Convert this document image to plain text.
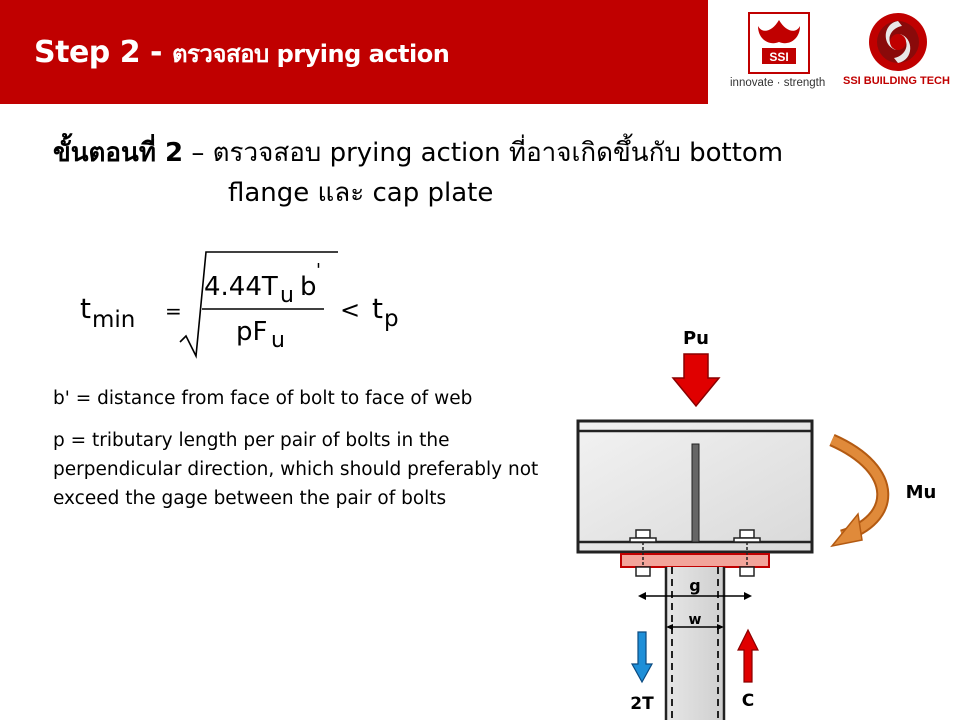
Step 2 - ตรวจสอบ prying action	SSI
innovate · strength SSI BUILDING TECH
ขั้นตอนที่ 2 – ตรวจสอบ prying action ที่อาจเกิดขึ้นกับ bottom
flange และ cap plate
t min =
4.44T u b
'
pF u
< t p
b' = distance from face of bolt to face of web
p = tributary length per pair of bolts in the perpendicular direction, which should preferably not exceed the gage between the pair of bolts
Pu
Mu
g
w
2T	C
